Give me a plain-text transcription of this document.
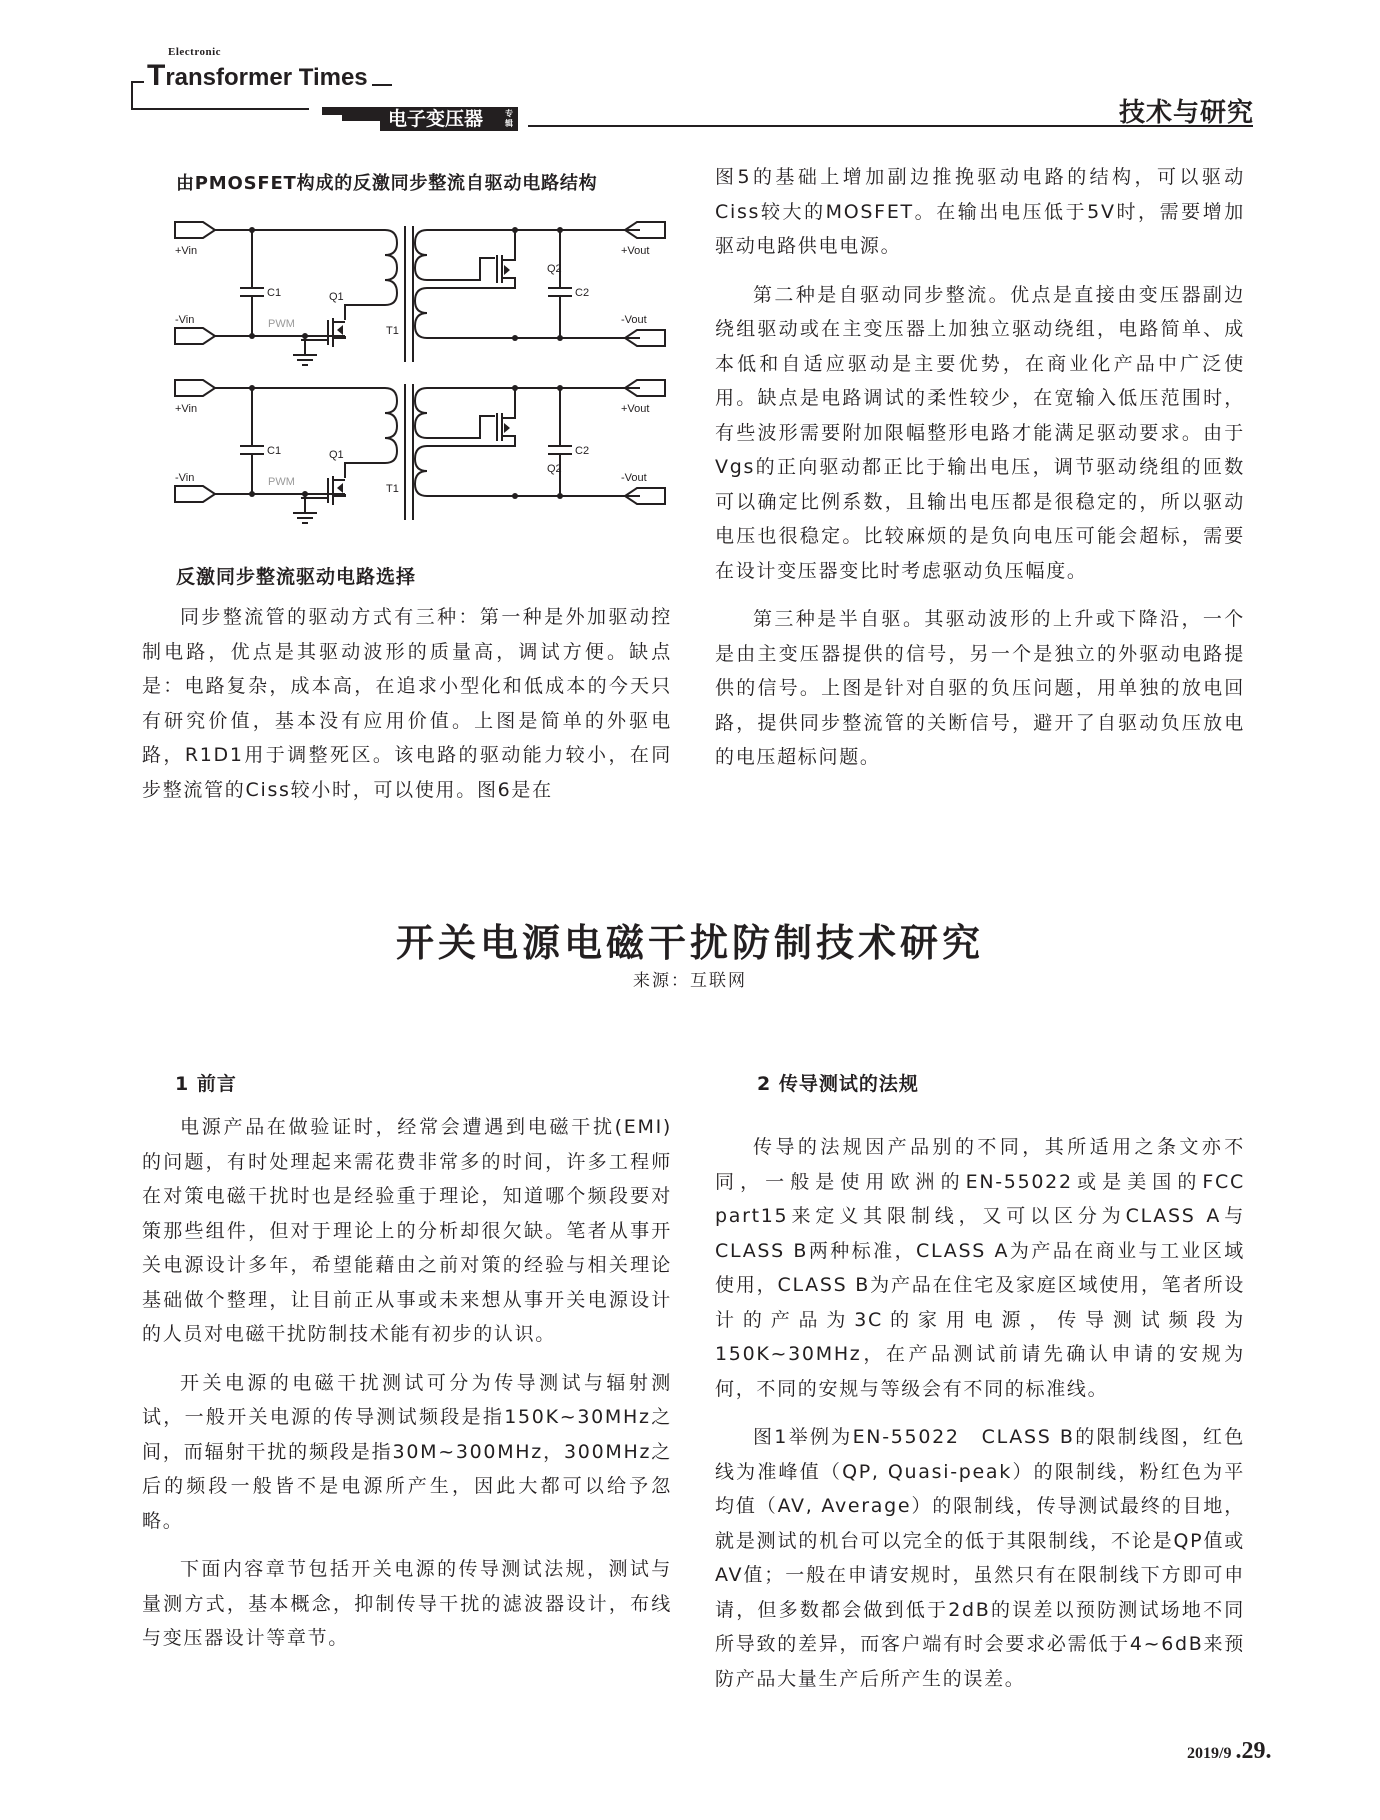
Electronic
Transformer Times
电子变压器	专辑	技术与研究
由PMOSFET构成的反激同步整流自驱动电路结构
+Vin
-Vin
C1	Q1
PWM
T1
Q2
C2
+Vout
-Vout
+Vin
-Vin
C1	Q1
PWM
T1
Q2
C2
+Vout
-Vout
反激同步整流驱动电路选择

同步整流管的驱动方式有三种：第一种是外加驱动控制电路，优点是其驱动波形的质量高，调试方便。缺点是：电路复杂，成本高，在追求小型化和低成本的今天只有研究价值，基本没有应用价值。上图是简单的外驱电路，R1D1用于调整死区。该电路的驱动能力较小，在同步整流管的Ciss较小时，可以使用。图6是在

图5的基础上增加副边推挽驱动电路的结构，可以驱动Ciss较大的MOSFET。在输出电压低于5V时，需要增加驱动电路供电电源。

第二种是自驱动同步整流。优点是直接由变压器副边绕组驱动或在主变压器上加独立驱动绕组，电路简单、成本低和自适应驱动是主要优势，在商业化产品中广泛使用。缺点是电路调试的柔性较少，在宽输入低压范围时，有些波形需要附加限幅整形电路才能满足驱动要求。由于Vgs的正向驱动都正比于输出电压，调节驱动绕组的匝数可以确定比例系数，且输出电压都是很稳定的，所以驱动电压也很稳定。比较麻烦的是负向电压可能会超标，需要在设计变压器变比时考虑驱动负压幅度。

第三种是半自驱。其驱动波形的上升或下降沿，一个是由主变压器提供的信号，另一个是独立的外驱动电路提供的信号。上图是针对自驱的负压问题，用单独的放电回路，提供同步整流管的关断信号，避开了自驱动负压放电的电压超标问题。

开关电源电磁干扰防制技术研究
来源：互联网
1 前言

电源产品在做验证时，经常会遭遇到电磁干扰(EMI)的问题，有时处理起来需花费非常多的时间，许多工程师在对策电磁干扰时也是经验重于理论，知道哪个频段要对策那些组件，但对于理论上的分析却很欠缺。笔者从事开关电源设计多年，希望能藉由之前对策的经验与相关理论基础做个整理，让目前正从事或未来想从事开关电源设计的人员对电磁干扰防制技术能有初步的认识。

开关电源的电磁干扰测试可分为传导测试与辐射测试，一般开关电源的传导测试频段是指150K~30MHz之间，而辐射干扰的频段是指30M~300MHz，300MHz之后的频段一般皆不是电源所产生，因此大都可以给予忽略。

下面内容章节包括开关电源的传导测试法规，测试与量测方式，基本概念，抑制传导干扰的滤波器设计，布线与变压器设计等章节。

2 传导测试的法规

传导的法规因产品别的不同，其所适用之条文亦不同，一般是使用欧洲的EN-55022或是美国的FCC part15来定义其限制线，又可以区分为CLASS A与CLASS B两种标准，CLASS A为产品在商业与工业区域使用，CLASS B为产品在住宅及家庭区域使用，笔者所设计的产品为3C的家用电源，传导测试频段为150K~30MHz，在产品测试前请先确认申请的安规为何，不同的安规与等级会有不同的标准线。

图1举例为EN-55022　CLASS B的限制线图，红色线为准峰值（QP, Quasi-peak）的限制线，粉红色为平均值（AV, Average）的限制线，传导测试最终的目地，就是测试的机台可以完全的低于其限制线，不论是QP值或AV值；一般在申请安规时，虽然只有在限制线下方即可申请，但多数都会做到低于2dB的误差以预防测试场地不同所导致的差异，而客户端有时会要求必需低于4~6dB来预防产品大量生产后所产生的误差。

2019/9 .29.
